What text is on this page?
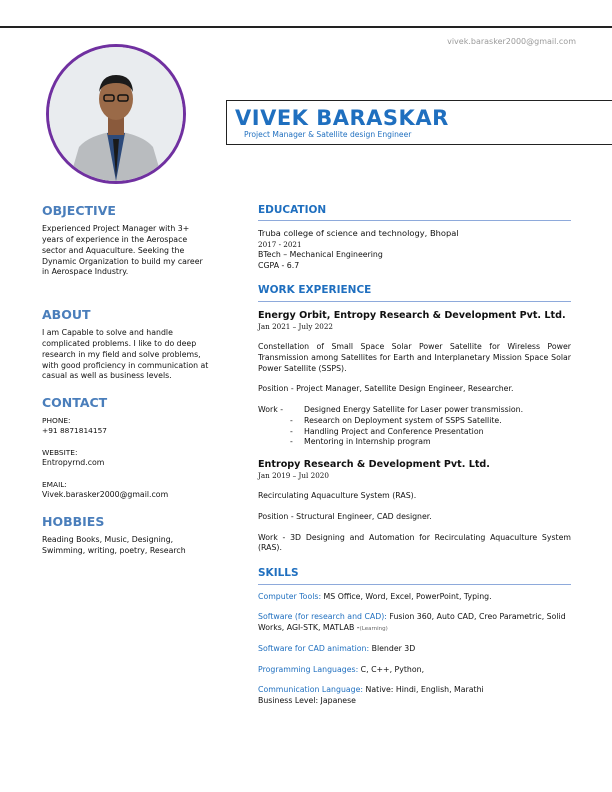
vivek.barasker2000@gmail.com
VIVEK BARASKAR
Project Manager & Satellite design Engineer
OBJECTIVE
Experienced Project Manager with 3+ years of experience in the Aerospace sector and Aquaculture. Seeking the Dynamic Organization to build my career in Aerospace Industry.
ABOUT
I am Capable to solve and handle complicated problems. I like to do deep research in my field and solve problems, with good proficiency in communication at casual as well as business levels.
CONTACT
PHONE:
+91 8871814157
WEBSITE:
Entropyrnd.com
EMAIL:
Vivek.barasker2000@gmail.com
HOBBIES
Reading Books, Music, Designing, Swimming, writing, poetry, Research
EDUCATION
Truba college of science and technology, Bhopal
2017 - 2021
BTech – Mechanical Engineering
CGPA - 6.7
WORK EXPERIENCE
Energy Orbit, Entropy Research & Development Pvt. Ltd.
Jan 2021 – July 2022
Constellation of Small Space Solar Power Satellite for Wireless Power Transmission among Satellites for Earth and Interplanetary Mission Space Solar Power Satellite (SSPS).
Position - Project Manager, Satellite Design Engineer, Researcher.
Work -	Designed Energy Satellite for Laser power transmission.
-	Research on Deployment system of SSPS Satellite.
-	Handling Project and Conference Presentation
-	Mentoring in Internship program
Entropy Research & Development Pvt. Ltd.
Jan 2019 – Jul 2020
Recirculating Aquaculture System (RAS).
Position - Structural Engineer, CAD designer.
Work - 3D Designing and Automation for Recirculating Aquaculture System (RAS).
SKILLS
Computer Tools: MS Office, Word, Excel, PowerPoint, Typing.
Software (for research and CAD): Fusion 360, Auto CAD, Creo Parametric, Solid Works, AGI-STK, MATLAB -(Learning)
Software for CAD animation: Blender 3D
Programming Languages: C, C++, Python,
Communication Language: Native: Hindi, English, Marathi
Business Level: Japanese
